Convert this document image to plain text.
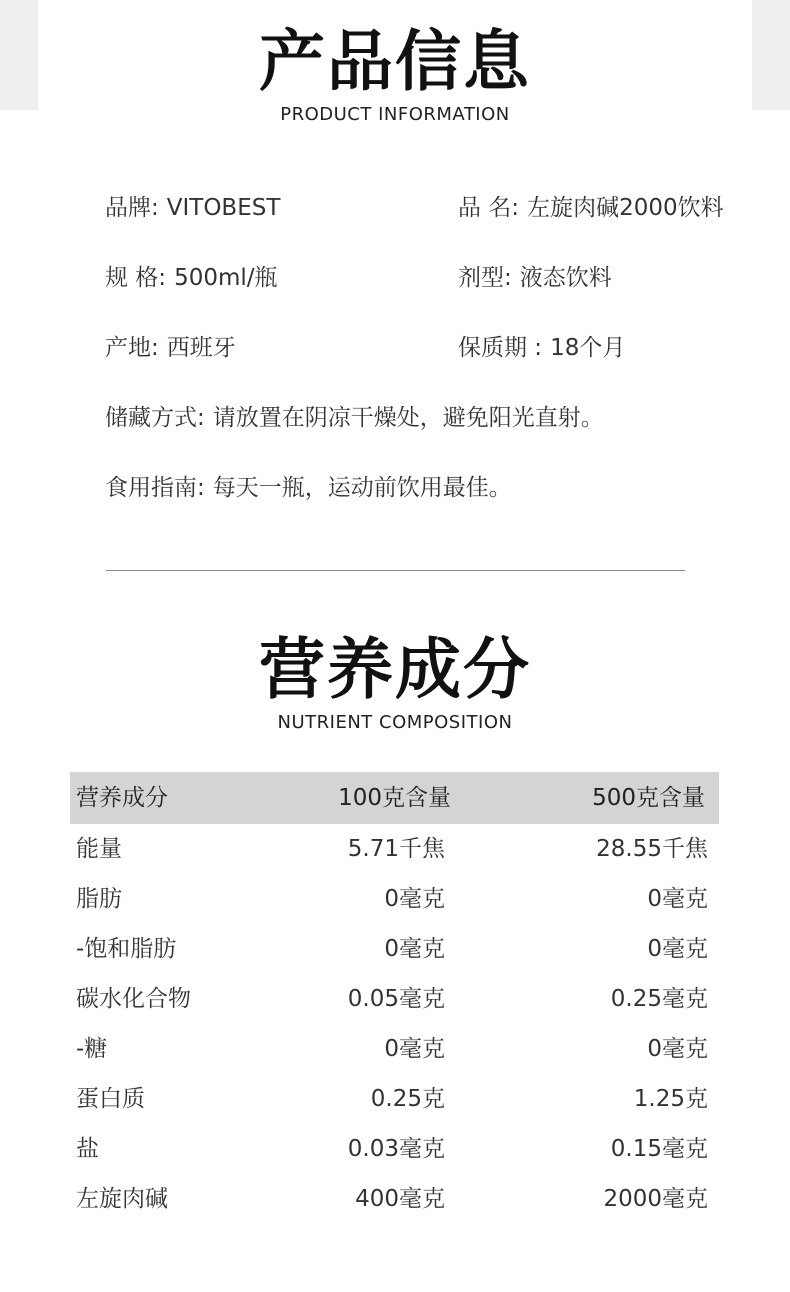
产品信息
PRODUCT INFORMATION
品牌: VITOBEST	品 名: 左旋肉碱2000饮料
规 格: 500ml/瓶	剂型: 液态饮料
产地: 西班牙	保质期 : 18个月
储藏方式: 请放置在阴凉干燥处，避免阳光直射。
食用指南: 每天一瓶，运动前饮用最佳。
营养成分
NUTRIENT COMPOSITION
营养成分	100克含量	500克含量
能量	5.71千焦	28.55千焦
脂肪	0毫克	0毫克
-饱和脂肪	0毫克	0毫克
碳水化合物	0.05毫克	0.25毫克
-糖	0毫克	0毫克
蛋白质	0.25克	1.25克
盐	0.03毫克	0.15毫克
左旋肉碱	400毫克	2000毫克
